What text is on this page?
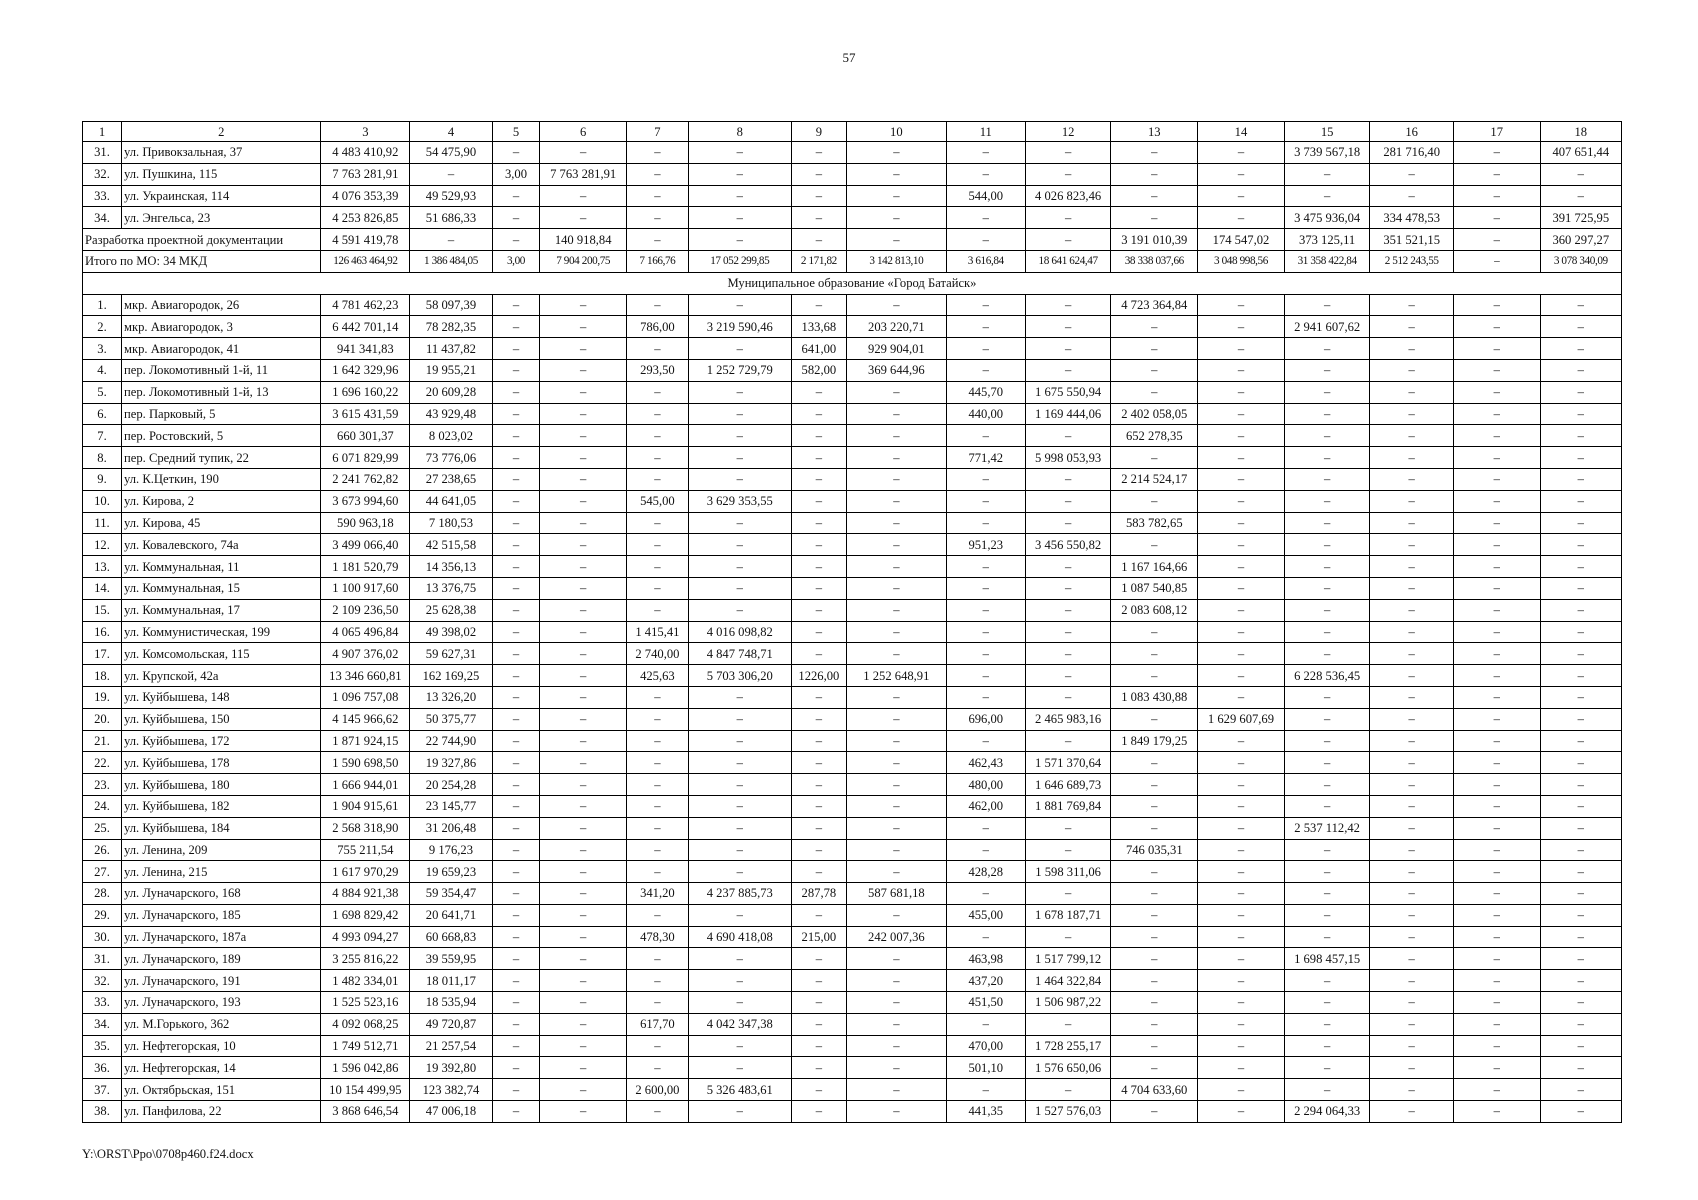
57
1	2	3	4	5	6	7	8	9	10	11	12	13	14	15	16	17	18
31.	ул. Привокзальная, 37	4 483 410,92	54 475,90	–	–	–	–	–	–	–	–	–	–	3 739 567,18	281 716,40	–	407 651,44
32.	ул. Пушкина, 115	7 763 281,91	–	3,00	7 763 281,91	–	–	–	–	–	–	–	–	–	–	–	–
33.	ул. Украинская, 114	4 076 353,39	49 529,93	–	–	–	–	–	–	544,00	4 026 823,46	–	–	–	–	–	–
34.	ул. Энгельса, 23	4 253 826,85	51 686,33	–	–	–	–	–	–	–	–	–	–	3 475 936,04	334 478,53	–	391 725,95
Разработка проектной документации		4 591 419,78	–	–	140 918,84	–	–	–	–	–	–	3 191 010,39	174 547,02	373 125,11	351 521,15	–	360 297,27
Итого по МО: 34 МКД		126 463 464,92	1 386 484,05	3,00	7 904 200,75	7 166,76	17 052 299,85	2 171,82	3 142 813,10	3 616,84	18 641 624,47	38 338 037,66	3 048 998,56	31 358 422,84	2 512 243,55	–	3 078 340,09
Муниципальное образование «Город Батайск»																	
1.	мкр. Авиагородок, 26	4 781 462,23	58 097,39	–	–	–	–	–	–	–	–	4 723 364,84	–	–	–	–	–
2.	мкр. Авиагородок, 3	6 442 701,14	78 282,35	–	–	786,00	3 219 590,46	133,68	203 220,71	–	–	–	–	2 941 607,62	–	–	–
3.	мкр. Авиагородок, 41	941 341,83	11 437,82	–	–	–	–	641,00	929 904,01	–	–	–	–	–	–	–	–
4.	пер. Локомотивный 1-й, 11	1 642 329,96	19 955,21	–	–	293,50	1 252 729,79	582,00	369 644,96	–	–	–	–	–	–	–	–
5.	пер. Локомотивный 1-й, 13	1 696 160,22	20 609,28	–	–	–	–	–	–	445,70	1 675 550,94	–	–	–	–	–	–
6.	пер. Парковый, 5	3 615 431,59	43 929,48	–	–	–	–	–	–	440,00	1 169 444,06	2 402 058,05	–	–	–	–	–
7.	пер. Ростовский, 5	660 301,37	8 023,02	–	–	–	–	–	–	–	–	652 278,35	–	–	–	–	–
8.	пер. Средний тупик, 22	6 071 829,99	73 776,06	–	–	–	–	–	–	771,42	5 998 053,93	–	–	–	–	–	–
9.	ул. К.Цеткин, 190	2 241 762,82	27 238,65	–	–	–	–	–	–	–	–	2 214 524,17	–	–	–	–	–
10.	ул. Кирова, 2	3 673 994,60	44 641,05	–	–	545,00	3 629 353,55	–	–	–	–	–	–	–	–	–	–
11.	ул. Кирова, 45	590 963,18	7 180,53	–	–	–	–	–	–	–	–	583 782,65	–	–	–	–	–
12.	ул. Ковалевского, 74а	3 499 066,40	42 515,58	–	–	–	–	–	–	951,23	3 456 550,82	–	–	–	–	–	–
13.	ул. Коммунальная, 11	1 181 520,79	14 356,13	–	–	–	–	–	–	–	–	1 167 164,66	–	–	–	–	–
14.	ул. Коммунальная, 15	1 100 917,60	13 376,75	–	–	–	–	–	–	–	–	1 087 540,85	–	–	–	–	–
15.	ул. Коммунальная, 17	2 109 236,50	25 628,38	–	–	–	–	–	–	–	–	2 083 608,12	–	–	–	–	–
16.	ул. Коммунистическая, 199	4 065 496,84	49 398,02	–	–	1 415,41	4 016 098,82	–	–	–	–	–	–	–	–	–	–
17.	ул. Комсомольская, 115	4 907 376,02	59 627,31	–	–	2 740,00	4 847 748,71	–	–	–	–	–	–	–	–	–	–
18.	ул. Крупской, 42а	13 346 660,81	162 169,25	–	–	425,63	5 703 306,20	1226,00	1 252 648,91	–	–	–	–	6 228 536,45	–	–	–
19.	ул. Куйбышева, 148	1 096 757,08	13 326,20	–	–	–	–	–	–	–	–	1 083 430,88	–	–	–	–	–
20.	ул. Куйбышева, 150	4 145 966,62	50 375,77	–	–	–	–	–	–	696,00	2 465 983,16	–	1 629 607,69	–	–	–	–
21.	ул. Куйбышева, 172	1 871 924,15	22 744,90	–	–	–	–	–	–	–	–	1 849 179,25	–	–	–	–	–
22.	ул. Куйбышева, 178	1 590 698,50	19 327,86	–	–	–	–	–	–	462,43	1 571 370,64	–	–	–	–	–	–
23.	ул. Куйбышева, 180	1 666 944,01	20 254,28	–	–	–	–	–	–	480,00	1 646 689,73	–	–	–	–	–	–
24.	ул. Куйбышева, 182	1 904 915,61	23 145,77	–	–	–	–	–	–	462,00	1 881 769,84	–	–	–	–	–	–
25.	ул. Куйбышева, 184	2 568 318,90	31 206,48	–	–	–	–	–	–	–	–	–	–	2 537 112,42	–	–	–
26.	ул. Ленина, 209	755 211,54	9 176,23	–	–	–	–	–	–	–	–	746 035,31	–	–	–	–	–
27.	ул. Ленина, 215	1 617 970,29	19 659,23	–	–	–	–	–	–	428,28	1 598 311,06	–	–	–	–	–	–
28.	ул. Луначарского, 168	4 884 921,38	59 354,47	–	–	341,20	4 237 885,73	287,78	587 681,18	–	–	–	–	–	–	–	–
29.	ул. Луначарского, 185	1 698 829,42	20 641,71	–	–	–	–	–	–	455,00	1 678 187,71	–	–	–	–	–	–
30.	ул. Луначарского, 187а	4 993 094,27	60 668,83	–	–	478,30	4 690 418,08	215,00	242 007,36	–	–	–	–	–	–	–	–
31.	ул. Луначарского, 189	3 255 816,22	39 559,95	–	–	–	–	–	–	463,98	1 517 799,12	–	–	1 698 457,15	–	–	–
32.	ул. Луначарского, 191	1 482 334,01	18 011,17	–	–	–	–	–	–	437,20	1 464 322,84	–	–	–	–	–	–
33.	ул. Луначарского, 193	1 525 523,16	18 535,94	–	–	–	–	–	–	451,50	1 506 987,22	–	–	–	–	–	–
34.	ул. М.Горького, 362	4 092 068,25	49 720,87	–	–	617,70	4 042 347,38	–	–	–	–	–	–	–	–	–	–
35.	ул. Нефтегорская, 10	1 749 512,71	21 257,54	–	–	–	–	–	–	470,00	1 728 255,17	–	–	–	–	–	–
36.	ул. Нефтегорская, 14	1 596 042,86	19 392,80	–	–	–	–	–	–	501,10	1 576 650,06	–	–	–	–	–	–
37.	ул. Октябрьская, 151	10 154 499,95	123 382,74	–	–	2 600,00	5 326 483,61	–	–	–	–	4 704 633,60	–	–	–	–	–
38.	ул. Панфилова, 22	3 868 646,54	47 006,18	–	–	–	–	–	–	441,35	1 527 576,03	–	–	2 294 064,33	–	–	–
Y:\ORST\Ppo\0708p460.f24.docx
